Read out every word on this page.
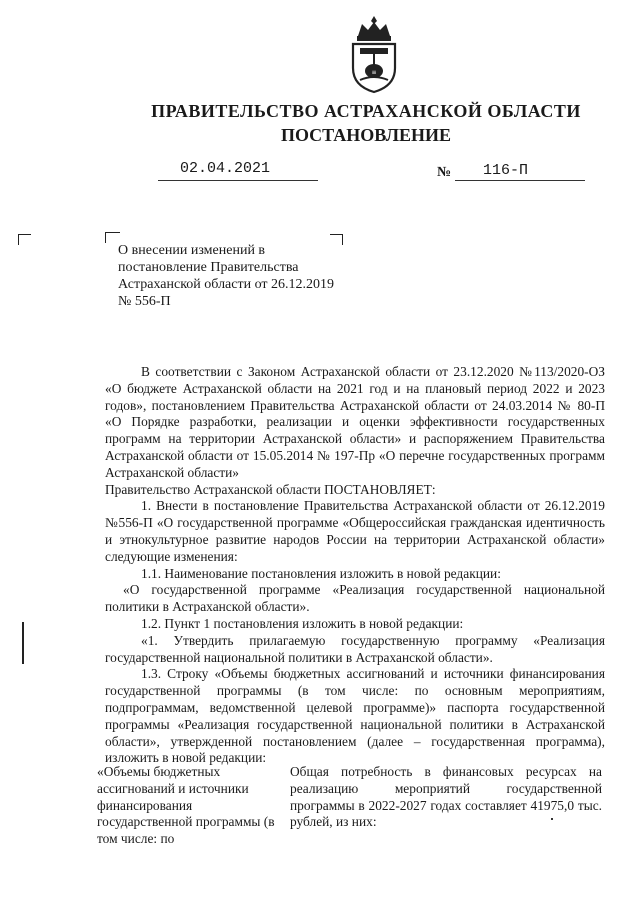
≡
ПРАВИТЕЛЬСТВО АСТРАХАНСКОЙ ОБЛАСТИ
ПОСТАНОВЛЕНИЕ
02.04.2021	№ 116-П
О внесении изменений в постановление Правительства Астраханской области от 26.12.2019 № 556-П

В соответствии с Законом Астраханской области от 23.12.2020 №113/2020-ОЗ «О бюджете Астраханской области на 2021 год и на плановый период 2022 и 2023 годов», постановлением Правительства Астраханской области от 24.03.2014 № 80-П «О Порядке разработки, реализации и оценки эффективности государственных программ на территории Астраханской области» и распоряжением Правительства Астраханской области от 15.05.2014 № 197-Пр «О перечне государственных программ Астраханской области»

Правительство Астраханской области ПОСТАНОВЛЯЕТ:

1. Внести в постановление Правительства Астраханской области от 26.12.2019 №556-П «О государственной программе «Общероссийская гражданская идентичность и этнокультурное развитие народов России на территории Астраханской области» следующие изменения:

1.1. Наименование постановления изложить в новой редакции:

«О государственной программе «Реализация государственной национальной политики в Астраханской области».

1.2. Пункт 1 постановления изложить в новой редакции:

«1. Утвердить прилагаемую государственную программу «Реализация государственной национальной политики в Астраханской области».

1.3. Строку «Объемы бюджетных ассигнований и источники финансирования государственной программы (в том числе: по основным мероприятиям, подпрограммам, ведомственной целевой программе)» паспорта государственной программы «Реализация государственной национальной политики в Астраханской области», утвержденной постановлением (далее – государственная программа), изложить в новой редакции:

«Объемы бюджетных ассигнований и источники финансирования государственной программы (в том числе: по
Общая потребность в финансовых ресурсах на реализацию мероприятий государственной программы в 2022-2027 годах составляет 41975,0 тыс. рублей, из них:
